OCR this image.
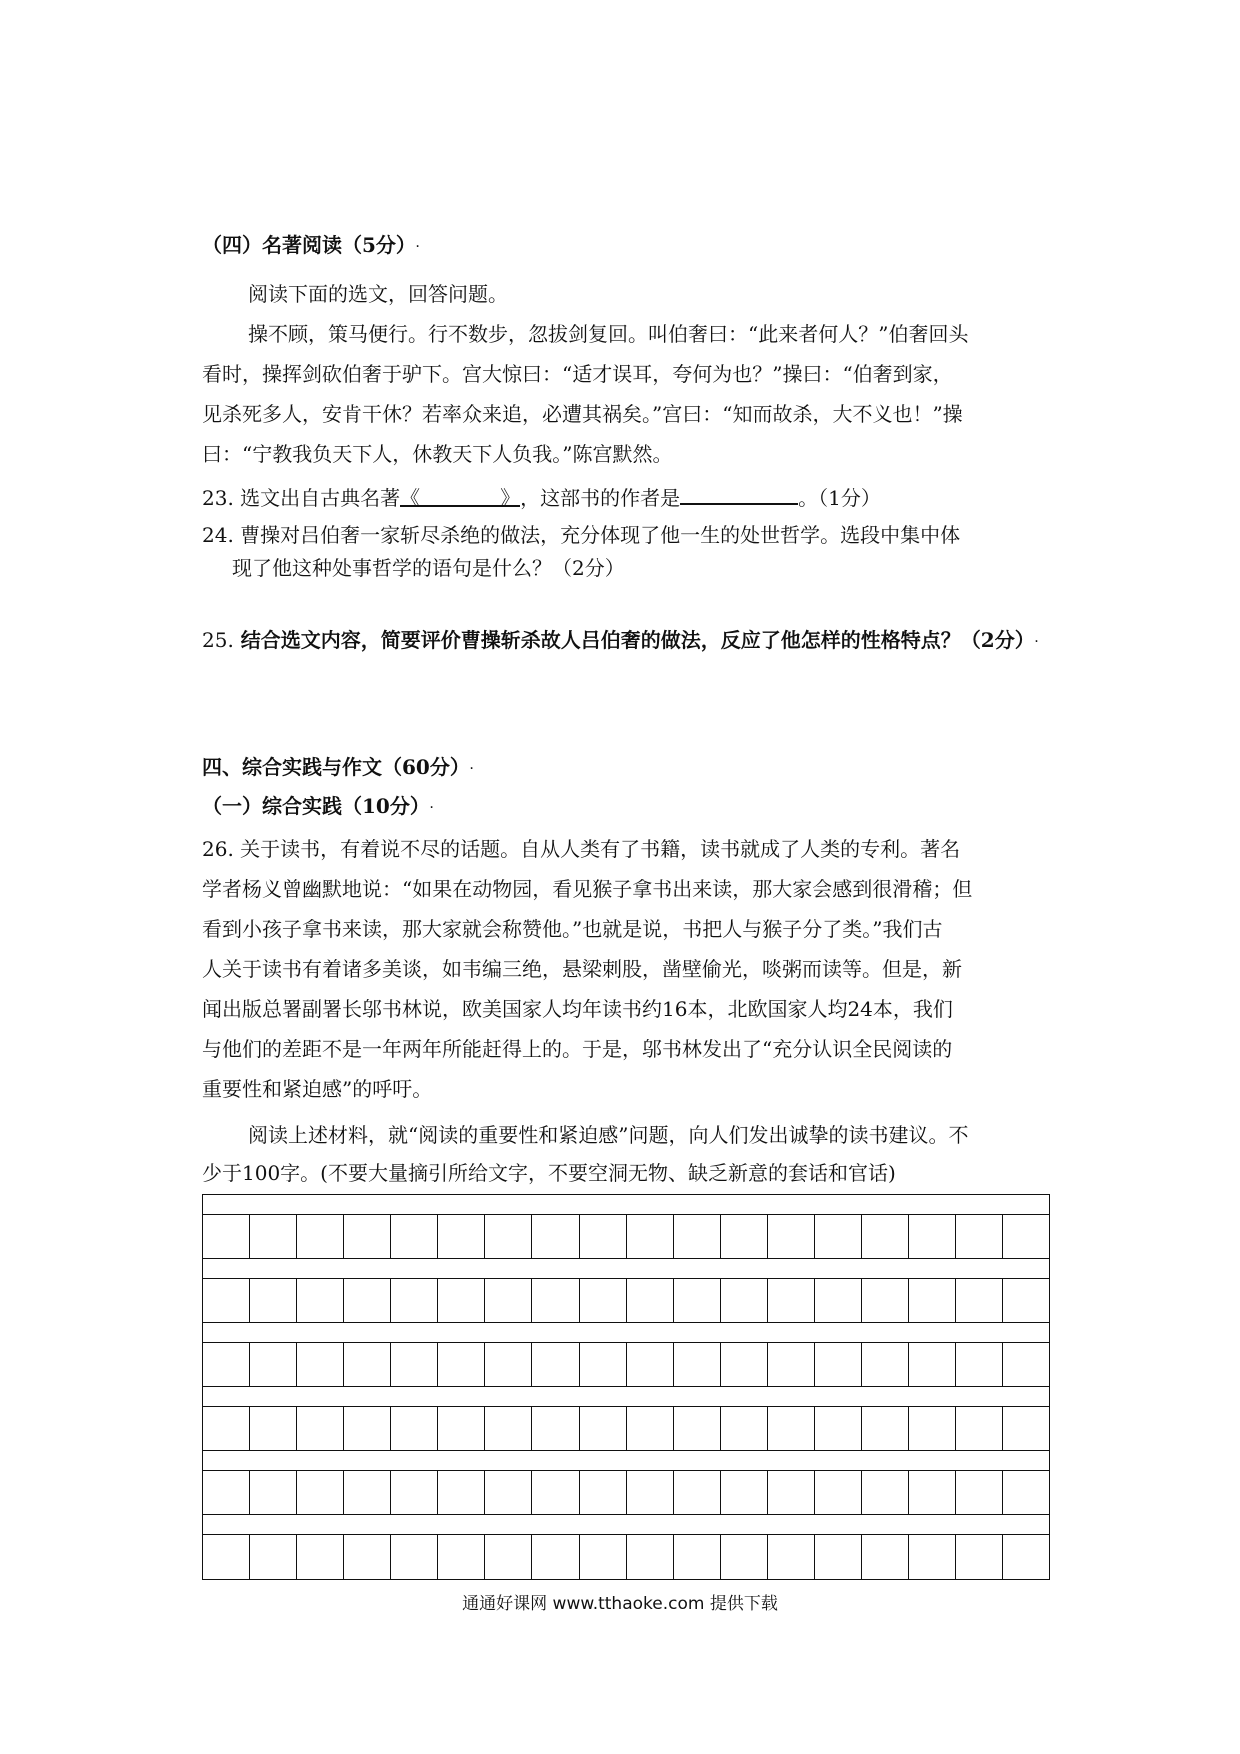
（四）名著阅读（5分）.
阅读下面的选文，回答问题。
操不顾，策马便行。行不数步，忽拔剑复回。叫伯奢曰：“此来者何人？”伯奢回头
看时，操挥剑砍伯奢于驴下。宫大惊曰：“适才误耳，夸何为也？”操曰：“伯奢到家，
见杀死多人，安肯干休？若率众来追，必遭其祸矣。”宫曰：“知而故杀，大不义也！”操
曰：“宁教我负天下人，休教天下人负我。”陈宫默然。
23. 选文出自古典名著《	》，这部书的作者是	。（1分）
24. 曹操对吕伯奢一家斩尽杀绝的做法，充分体现了他一生的处世哲学。选段中集中体
现了他这种处事哲学的语句是什么？（2分）
25. 结合选文内容，简要评价曹操斩杀故人吕伯奢的做法，反应了他怎样的性格特点？（2分）.
四、综合实践与作文（60分）.
（一）综合实践（10分）.
26. 关于读书，有着说不尽的话题。自从人类有了书籍，读书就成了人类的专利。著名
学者杨义曾幽默地说：“如果在动物园，看见猴子拿书出来读，那大家会感到很滑稽；但
看到小孩子拿书来读，那大家就会称赞他。”也就是说，书把人与猴子分了类。”我们古
人关于读书有着诸多美谈，如韦编三绝，悬梁刺股，凿壁偷光，啖粥而读等。但是，新
闻出版总署副署长邬书林说，欧美国家人均年读书约16本，北欧国家人均24本，我们
与他们的差距不是一年两年所能赶得上的。于是，邬书林发出了“充分认识全民阅读的
重要性和紧迫感”的呼吁。
阅读上述材料，就“阅读的重要性和紧迫感”问题，向人们发出诚挚的读书建议。不
少于100字。(不要大量摘引所给文字，不要空洞无物、缺乏新意的套话和官话)
通通好课网 www.tthaoke.com 提供下载
